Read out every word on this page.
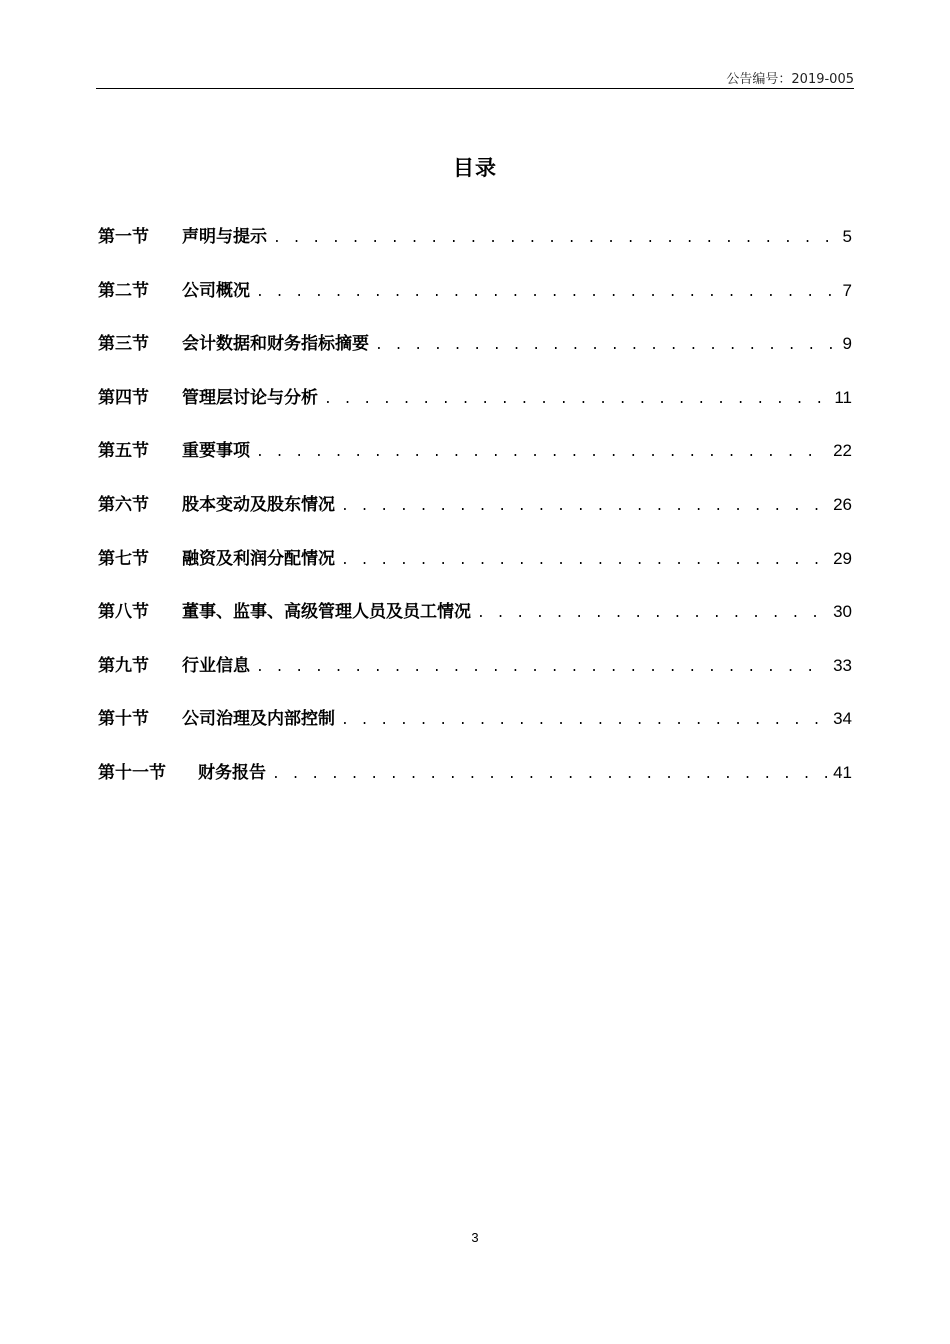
公告编号：2019-005
目录
第一节	声明与提示 . . .	5
第二节	公司概况 . . .	7
第三节	会计数据和财务指标摘要 . . .	9
第四节	管理层讨论与分析 . . .	11
第五节	重要事项 . . .	22
第六节	股本变动及股东情况 . . .	26
第七节	融资及利润分配情况 . . .	29
第八节	董事、监事、高级管理人员及员工情况 . . .	30
第九节	行业信息 . . .	33
第十节	公司治理及内部控制 . . .	34
第十一节	财务报告 . . .	41
3
